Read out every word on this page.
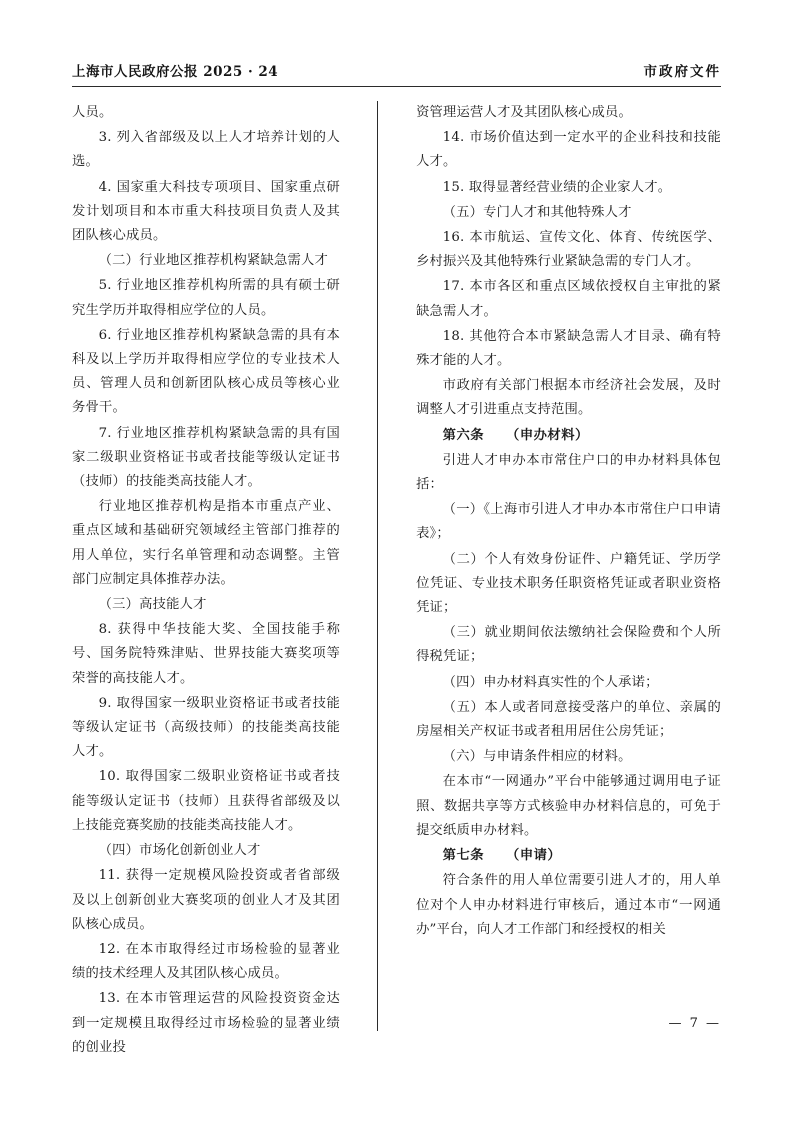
上海市人民政府公报 2025 · 24	市政府文件

人员。

3. 列入省部级及以上人才培养计划的人选。

4. 国家重大科技专项项目、国家重点研发计划项目和本市重大科技项目负责人及其团队核心成员。

（二）行业地区推荐机构紧缺急需人才

5. 行业地区推荐机构所需的具有硕士研究生学历并取得相应学位的人员。

6. 行业地区推荐机构紧缺急需的具有本科及以上学历并取得相应学位的专业技术人员、管理人员和创新团队核心成员等核心业务骨干。

7. 行业地区推荐机构紧缺急需的具有国家二级职业资格证书或者技能等级认定证书（技师）的技能类高技能人才。

行业地区推荐机构是指本市重点产业、重点区域和基础研究领域经主管部门推荐的用人单位，实行名单管理和动态调整。主管部门应制定具体推荐办法。

（三）高技能人才

8. 获得中华技能大奖、全国技能手称号、国务院特殊津贴、世界技能大赛奖项等荣誉的高技能人才。

9. 取得国家一级职业资格证书或者技能等级认定证书（高级技师）的技能类高技能人才。

10. 取得国家二级职业资格证书或者技能等级认定证书（技师）且获得省部级及以上技能竞赛奖励的技能类高技能人才。

（四）市场化创新创业人才

11. 获得一定规模风险投资或者省部级及以上创新创业大赛奖项的创业人才及其团队核心成员。

12. 在本市取得经过市场检验的显著业绩的技术经理人及其团队核心成员。

13. 在本市管理运营的风险投资资金达到一定规模且取得经过市场检验的显著业绩的创业投

资管理运营人才及其团队核心成员。

14. 市场价值达到一定水平的企业科技和技能人才。

15. 取得显著经营业绩的企业家人才。

（五）专门人才和其他特殊人才

16. 本市航运、宣传文化、体育、传统医学、乡村振兴及其他特殊行业紧缺急需的专门人才。

17. 本市各区和重点区域依授权自主审批的紧缺急需人才。

18. 其他符合本市紧缺急需人才目录、确有特殊才能的人才。

市政府有关部门根据本市经济社会发展，及时调整人才引进重点支持范围。

第六条 （申办材料）

引进人才申办本市常住户口的申办材料具体包括：

（一）《上海市引进人才申办本市常住户口申请表》；

（二）个人有效身份证件、户籍凭证、学历学位凭证、专业技术职务任职资格凭证或者职业资格凭证；

（三）就业期间依法缴纳社会保险费和个人所得税凭证；

（四）申办材料真实性的个人承诺；

（五）本人或者同意接受落户的单位、亲属的房屋相关产权证书或者租用居住公房凭证；

（六）与申请条件相应的材料。

在本市“一网通办”平台中能够通过调用电子证照、数据共享等方式核验申办材料信息的，可免于提交纸质申办材料。

第七条 （申请）

符合条件的用人单位需要引进人才的，用人单位对个人申办材料进行审核后，通过本市“一网通办”平台，向人才工作部门和经授权的相关

— 7 —
